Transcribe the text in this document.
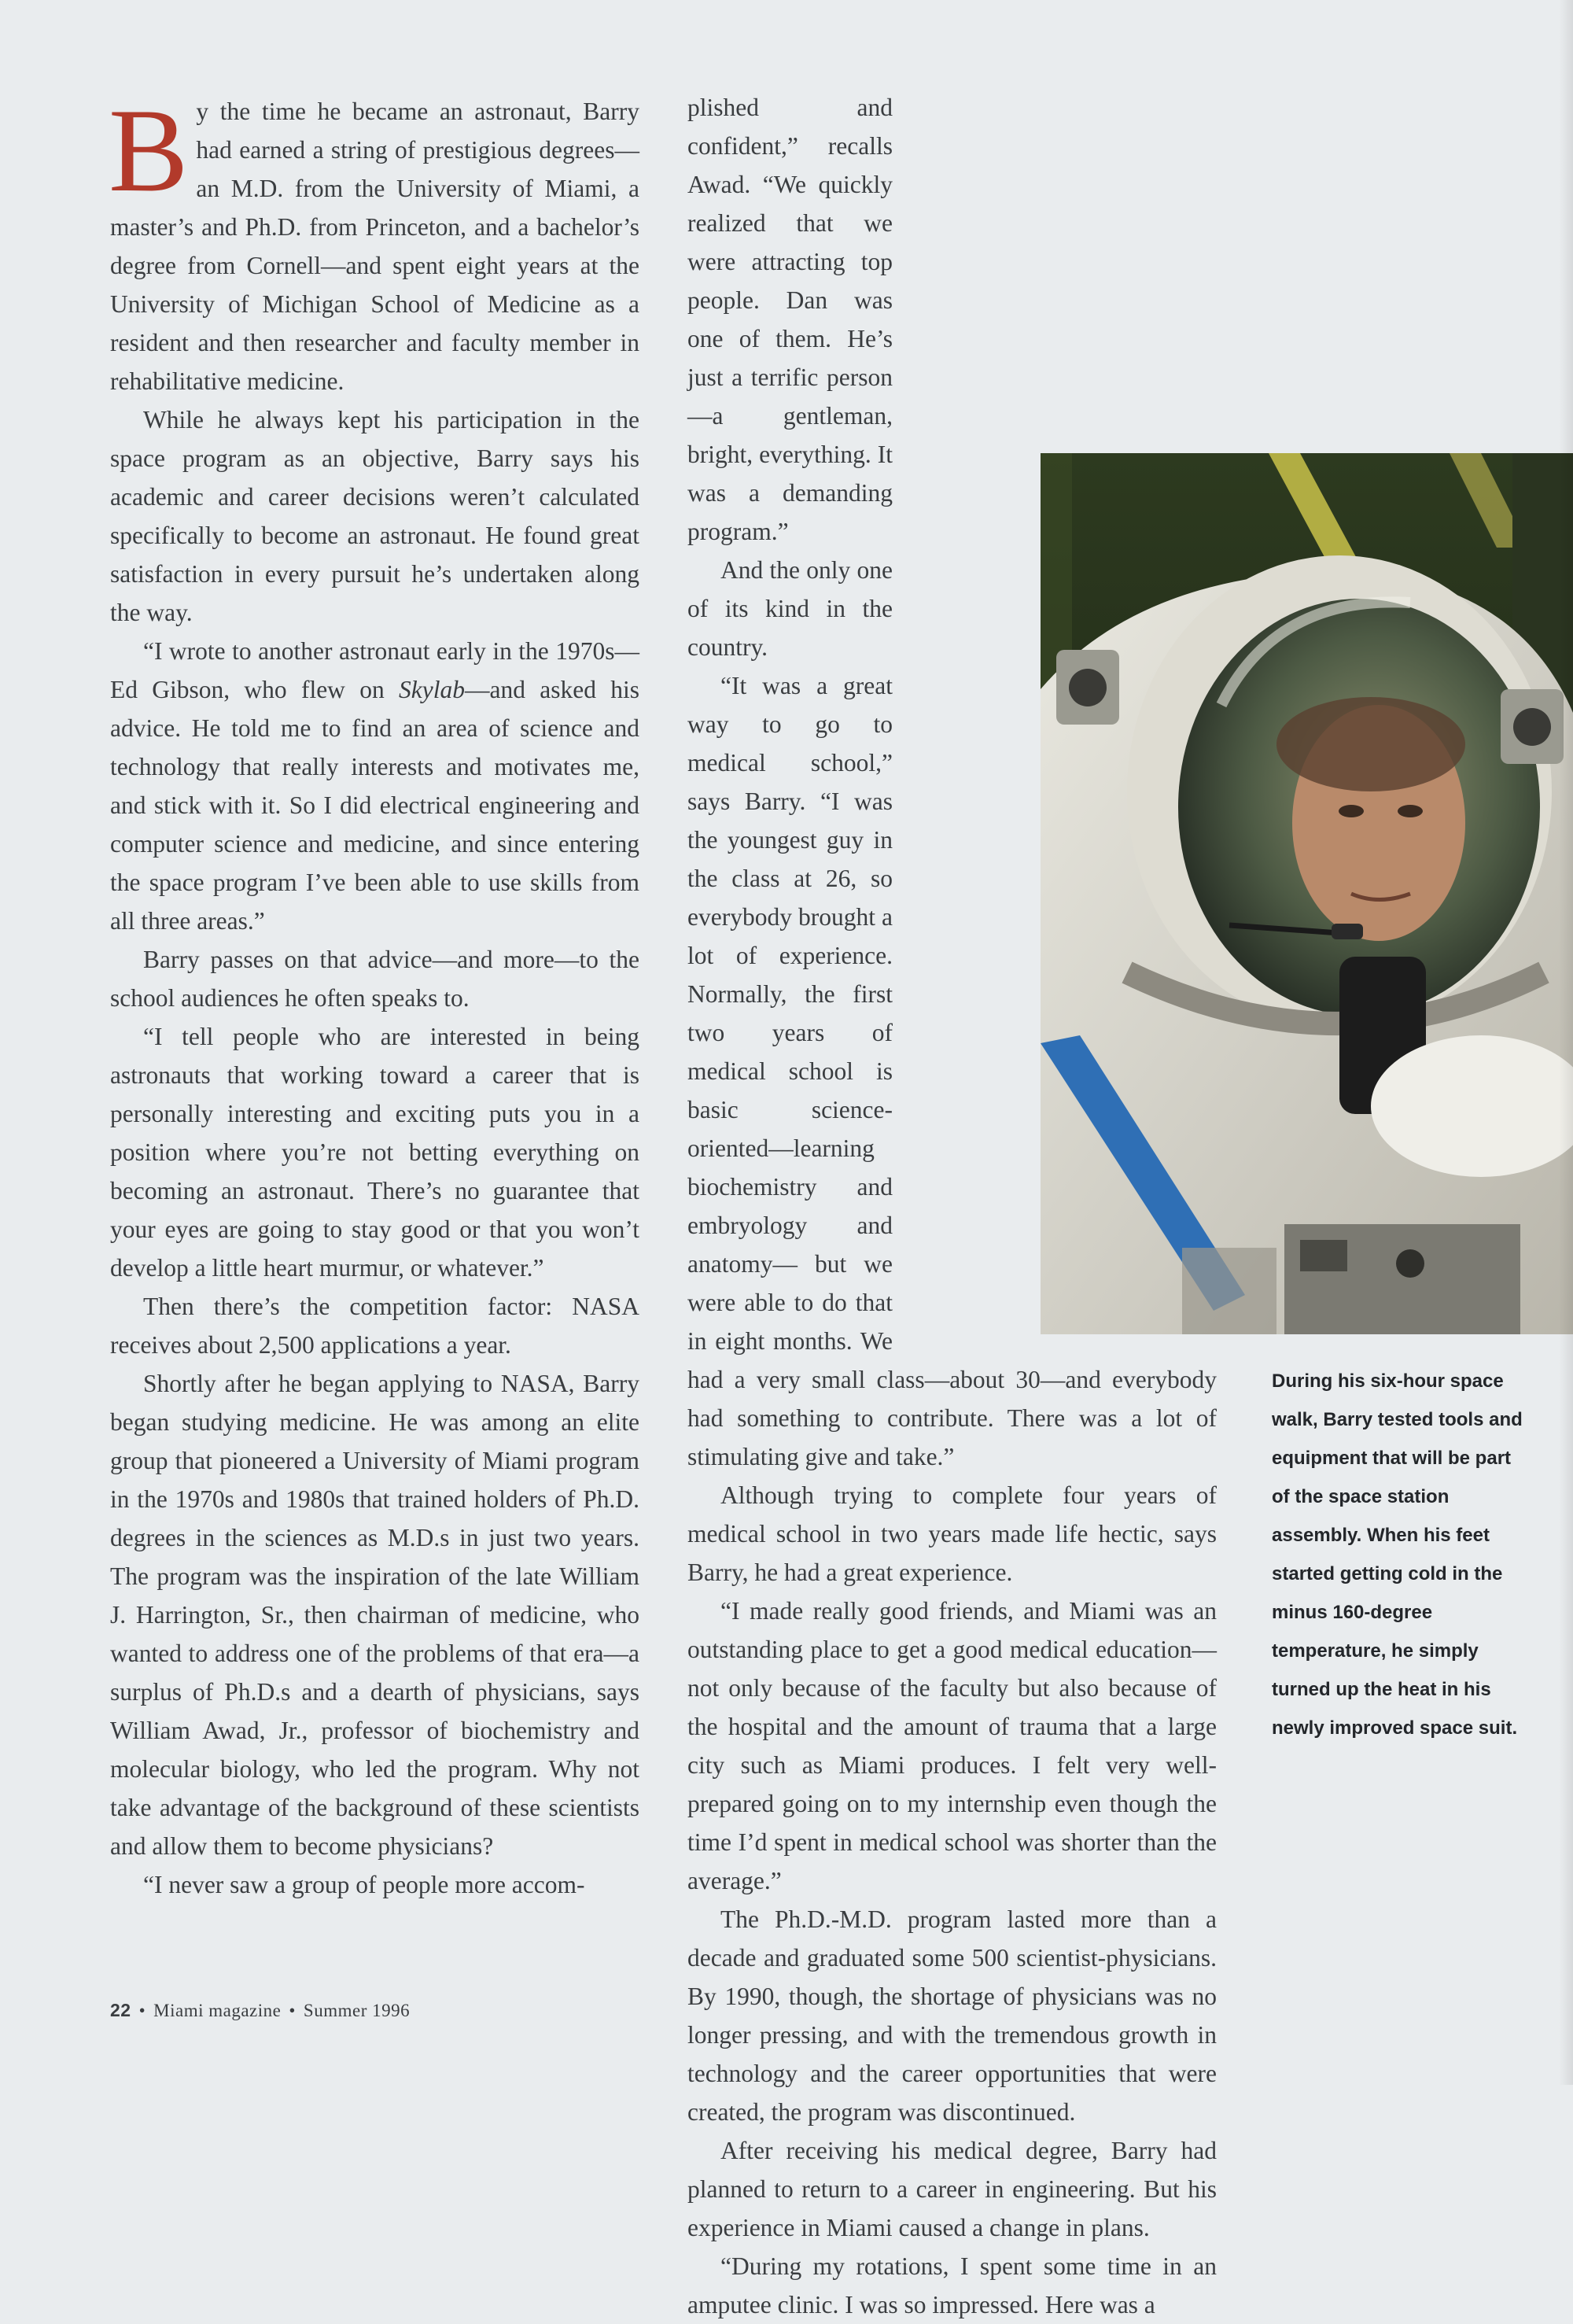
By the time he became an astronaut, Barry had earned a string of prestigious degrees—an M.D. from the University of Miami, a master’s and Ph.D. from Princeton, and a bachelor’s degree from Cornell—and spent eight years at the University of Michigan School of Medicine as a resident and then researcher and faculty member in rehabilitative medicine.

While he always kept his participation in the space program as an objective, Barry says his academic and career decisions weren’t calculated specifically to become an astronaut. He found great satisfaction in every pursuit he’s undertaken along the way.

“I wrote to another astronaut early in the 1970s—Ed Gibson, who flew on Skylab—and asked his advice. He told me to find an area of science and technology that really interests and motivates me, and stick with it. So I did electrical engineering and computer science and medicine, and since entering the space program I’ve been able to use skills from all three areas.”

Barry passes on that advice—and more—to the school audiences he often speaks to.

“I tell people who are interested in being astronauts that working toward a career that is personally interesting and exciting puts you in a position where you’re not betting everything on becoming an astronaut. There’s no guarantee that your eyes are going to stay good or that you won’t develop a little heart murmur, or whatever.”

Then there’s the competition factor: NASA receives about 2,500 applications a year.

Shortly after he began applying to NASA, Barry began studying medicine. He was among an elite group that pioneered a University of Miami program in the 1970s and 1980s that trained holders of Ph.D. degrees in the sciences as M.D.s in just two years. The program was the inspiration of the late William J. Harrington, Sr., then chairman of medicine, who wanted to address one of the problems of that era—a surplus of Ph.D.s and a dearth of physicians, says William Awad, Jr., professor of biochemistry and molecular biology, who led the program. Why not take advantage of the background of these scientists and allow them to become physicians?

“I never saw a group of people more accom-

plished and confident,” recalls Awad. “We quickly realized that we were attracting top people. Dan was one of them. He’s just a terrific person—a gentleman, bright, everything. It was a demanding program.”

And the only one of its kind in the country.

“It was a great way to go to medical school,” says Barry. “I was the youngest guy in the class at 26, so everybody brought a lot of experience. Normally, the first two years of medical school is basic science-oriented—learning biochemistry and embryology and anatomy— but we were able to do that in eight months. We had a very small class—about 30—and everybody had something to contribute. There was a lot of stimulating give and take.”

Although trying to complete four years of medical school in two years made life hectic, says Barry, he had a great experience.

“I made really good friends, and Miami was an outstanding place to get a good medical education—not only because of the faculty but also because of the hospital and the amount of trauma that a large city such as Miami produces. I felt very well-prepared going on to my internship even though the time I’d spent in medical school was shorter than the average.”

The Ph.D.-M.D. program lasted more than a decade and graduated some 500 scientist-physicians. By 1990, though, the shortage of physicians was no longer pressing, and with the tremendous growth in technology and the career opportunities that were created, the program was discontinued.

After receiving his medical degree, Barry had planned to return to a career in engineering. But his experience in Miami caused a change in plans.

“During my rotations, I spent some time in an amputee clinic. I was so impressed. Here was a

During his six-hour space walk, Barry tested tools and equipment that will be part of the space station assembly. When his feet started getting cold in the minus 160-degree temperature, he simply turned up the heat in his newly improved space suit.
22 • Miami magazine • Summer 1996
